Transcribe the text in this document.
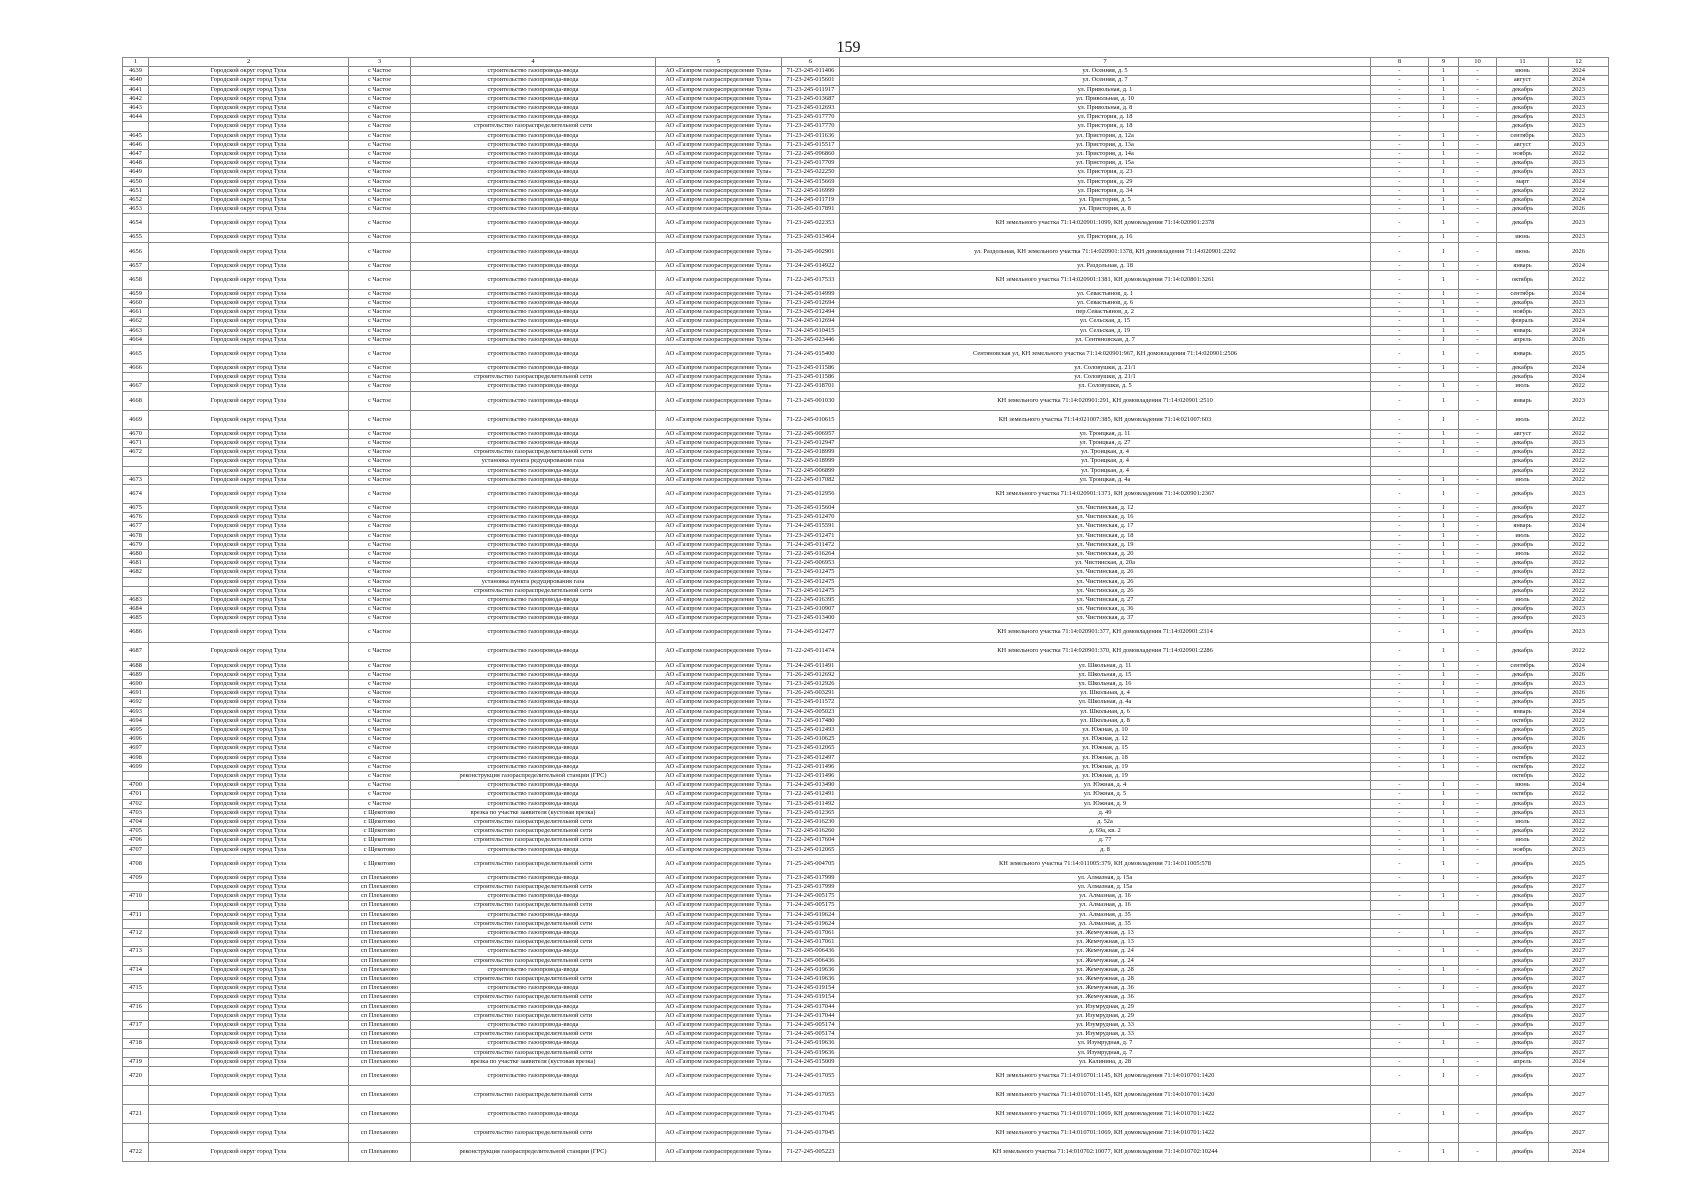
159
1	2	3	4	5	6	7	8	9	10	11	12
4639	Городской округ город Тула	с Частое	строительство газопровода-ввода	АО «Газпром газораспределение Тула»	71-23-245-011406	ул. Осенняя, д. 5	-	1	-	июнь	2024
4640	Городской округ город Тула	с Частое	строительство газопровода-ввода	АО «Газпром газораспределение Тула»	71-23-245-015601	ул. Осенняя, д. 7	-	1	-	август	2024
4641	Городской округ город Тула	с Частое	строительство газопровода-ввода	АО «Газпром газораспределение Тула»	71-23-245-011917	ул. Привольная, д. 1	-	1	-	декабрь	2023
4642	Городской округ город Тула	с Частое	строительство газопровода-ввода	АО «Газпром газораспределение Тула»	71-23-245-013687	ул. Привольная, д. 10	-	1	-	декабрь	2023
4643	Городской округ город Тула	с Частое	строительство газопровода-ввода	АО «Газпром газораспределение Тула»	71-23-245-012693	ул. Привольная, д. 8	-	1	-	декабрь	2023
4644	Городской округ город Тула	с Частое	строительство газопровода-ввода	АО «Газпром газораспределение Тула»	71-23-245-017770	ул. Пристория, д. 18	-	1	-	декабрь	2023
	Городской округ город Тула	с Частое	строительство газораспределительной сети	АО «Газпром газораспределение Тула»	71-23-245-017770	ул. Пристория, д. 18				декабрь	2023
4645	Городской округ город Тула	с Частое	строительство газопровода-ввода	АО «Газпром газораспределение Тула»	71-23-245-011636	ул. Пристория, д. 12а	-	1	-	сентябрь	2023
4646	Городской округ город Тула	с Частое	строительство газопровода-ввода	АО «Газпром газораспределение Тула»	71-23-245-015517	ул. Пристория, д. 13а	-	1	-	август	2023
4647	Городской округ город Тула	с Частое	строительство газопровода-ввода	АО «Газпром газораспределение Тула»	71-22-245-096860	ул. Пристория, д. 14а	-	1	-	ноябрь	2022
4648	Городской округ город Тула	с Частое	строительство газопровода-ввода	АО «Газпром газораспределение Тула»	71-23-245-017709	ул. Пристория, д. 15а	-	1	-	декабрь	2023
4649	Городской округ город Тула	с Частое	строительство газопровода-ввода	АО «Газпром газораспределение Тула»	71-23-245-022250	ул. Пристория, д. 23	-	1	-	декабрь	2023
4650	Городской округ город Тула	с Частое	строительство газопровода-ввода	АО «Газпром газораспределение Тула»	71-24-245-015669	ул. Пристория, д. 29	-	1	-	март	2024
4651	Городской округ город Тула	с Частое	строительство газопровода-ввода	АО «Газпром газораспределение Тула»	71-22-245-016999	ул. Пристория, д. 34	-	1	-	декабрь	2022
4652	Городской округ город Тула	с Частое	строительство газопровода-ввода	АО «Газпром газораспределение Тула»	71-24-245-011719	ул. Пристория, д. 5	-	1	-	декабрь	2024
4653	Городской округ город Тула	с Частое	строительство газопровода-ввода	АО «Газпром газораспределение Тула»	71-26-245-017891	ул. Пристория, д. 8	-	1	-	декабрь	2026
4654	Городской округ город Тула	с Частое	строительство газопровода-ввода	АО «Газпром газораспределение Тула»	71-23-245-022353	КН земельного участка 71:14:020901:1099, КН домовладения 71:14:020901:2378	-	1	-	декабрь	2023
4655	Городской округ город Тула	с Частое	строительство газопровода-ввода	АО «Газпром газораспределение Тула»	71-23-245-013464	ул. Пристория, д. 16	-	1	-	июнь	2023
4656	Городской округ город Тула	с Частое	строительство газопровода-ввода	АО «Газпром газораспределение Тула»	71-26-245-002901	ул. Раздольная, КН земельного участка 71:14:020901:1378, КН домовладения 71:14:020901:2292	-	1	-	июнь	2026
4657	Городской округ город Тула	с Частое	строительство газопровода-ввода	АО «Газпром газораспределение Тула»	71-24-245-014922	ул. Раздольная, д. 18	-	1	-	январь	2024
4658	Городской округ город Тула	с Частое	строительство газопровода-ввода	АО «Газпром газораспределение Тула»	71-22-245-017533	КН земельного участка 71:14:020901:1381, КН домовладения 71:14:020801:3261	-	1	-	октябрь	2022
4659	Городской округ город Тула	с Частое	строительство газопровода-ввода	АО «Газпром газораспределение Тула»	71-24-245-014999	ул. Севастьянов, д. 1	-	1	-	сентябрь	2024
4660	Городской округ город Тула	с Частое	строительство газопровода-ввода	АО «Газпром газораспределение Тула»	71-23-245-012694	ул. Севастьянов, д. 6	-	1	-	декабрь	2023
4661	Городской округ город Тула	с Частое	строительство газопровода-ввода	АО «Газпром газораспределение Тула»	71-23-245-012494	пер.Севастьянов, д. 2	-	1	-	ноябрь	2023
4662	Городской округ город Тула	с Частое	строительство газопровода-ввода	АО «Газпром газораспределение Тула»	71-24-245-012694	ул. Сельская, д. 15	-	1	-	февраль	2024
4663	Городской округ город Тула	с Частое	строительство газопровода-ввода	АО «Газпром газораспределение Тула»	71-24-245-010415	ул. Сельская, д. 19	-	1	-	январь	2024
4664	Городской округ город Тула	с Частое	строительство газопровода-ввода	АО «Газпром газораспределение Тула»	71-26-245-023446	ул. Сентяновская, д. 7	-	1	-	апрель	2026
4665	Городской округ город Тула	с Частое	строительство газопровода-ввода	АО «Газпром газораспределение Тула»	71-24-245-015400	Сентяновская ул, КН земельного участка 71:14:020901:967, КН домовладения 71:14:020901:2506	-	1	-	январь	2025
4666	Городской округ город Тула	с Частое	строительство газопровода-ввода	АО «Газпром газораспределение Тула»	71-23-245-011586	ул. Соловушки, д. 21/1	-	1	-	декабрь	2024
	Городской округ город Тула	с Частое	строительство газораспределительной сети	АО «Газпром газораспределение Тула»	71-23-245-011586	ул. Соловушки, д. 21/1				декабрь	2024
4667	Городской округ город Тула	с Частое	строительство газопровода-ввода	АО «Газпром газораспределение Тула»	71-22-245-018701	ул. Соловушки, д. 5	-	1	-	июль	2022
4668	Городской округ город Тула	с Частое	строительство газопровода-ввода	АО «Газпром газораспределение Тула»	71-23-245-001030	КН земельного участка 71:14:020901:291, КН домовладения 71:14:020901:2510	-	1	-	январь	2023
4669	Городской округ город Тула	с Частое	строительство газопровода-ввода	АО «Газпром газораспределение Тула»	71-22-245-010615	КН земельного участка 71:14:021007:385, КН домовладения 71:14:021007:603	-	1	-	июль	2022
4670	Городской округ город Тула	с Частое	строительство газопровода-ввода	АО «Газпром газораспределение Тула»	71-22-245-006957	ул. Троицкая, д. 11	-	1	-	август	2022
4671	Городской округ город Тула	с Частое	строительство газопровода-ввода	АО «Газпром газораспределение Тула»	71-23-245-012947	ул. Троицкая, д. 27	-	1	-	декабрь	2023
4672	Городской округ город Тула	с Частое	строительство газораспределительной сети	АО «Газпром газораспределение Тула»	71-22-245-018999	ул. Троицкая, д. 4	-	1	-	декабрь	2022
	Городской округ город Тула	с Частое	установка пункта редуцирования газа	АО «Газпром газораспределение Тула»	71-22-245-018999	ул. Троицкая, д. 4				декабрь	2022
	Городской округ город Тула	с Частое	строительство газопровода-ввода	АО «Газпром газораспределение Тула»	71-22-245-006899	ул. Троицкая, д. 4				декабрь	2022
4673	Городской округ город Тула	с Частое	строительство газопровода-ввода	АО «Газпром газораспределение Тула»	71-22-245-017082	ул. Троицкая, д. 4а	-	1	-	июль	2022
4674	Городской округ город Тула	с Частое	строительство газопровода-ввода	АО «Газпром газораспределение Тула»	71-23-245-012956	КН земельного участка 71:14:020901:1371, КН домовладения 71:14:020901:2367	-	1	-	декабрь	2023
4675	Городской округ город Тула	с Частое	строительство газопровода-ввода	АО «Газпром газораспределение Тула»	71-26-245-015604	ул. Чистинская, д. 12	-	1	-	декабрь	2027
4676	Городской округ город Тула	с Частое	строительство газопровода-ввода	АО «Газпром газораспределение Тула»	71-23-245-012470	ул. Чистинская, д. 16	-	1	-	декабрь	2022
4677	Городской округ город Тула	с Частое	строительство газопровода-ввода	АО «Газпром газораспределение Тула»	71-24-245-015591	ул. Чистинская, д. 17	-	1	-	январь	2024
4678	Городской округ город Тула	с Частое	строительство газопровода-ввода	АО «Газпром газораспределение Тула»	71-23-245-012471	ул. Чистинская, д. 18	-	1	-	июль	2022
4679	Городской округ город Тула	с Частое	строительство газопровода-ввода	АО «Газпром газораспределение Тула»	71-24-245-011472	ул. Чистинская, д. 19	-	1	-	декабрь	2022
4680	Городской округ город Тула	с Частое	строительство газопровода-ввода	АО «Газпром газораспределение Тула»	71-22-245-016264	ул. Чистинская, д. 20	-	1	-	июль	2022
4681	Городской округ город Тула	с Частое	строительство газопровода-ввода	АО «Газпром газораспределение Тула»	71-22-245-006953	ул. Чистинская, д. 20а	-	1	-	декабрь	2022
4682	Городской округ город Тула	с Частое	строительство газопровода-ввода	АО «Газпром газораспределение Тула»	71-23-245-012475	ул. Чистинская, д. 26	-	1	-	декабрь	2022
	Городской округ город Тула	с Частое	установка пункта редуцирования газа	АО «Газпром газораспределение Тула»	71-23-245-012475	ул. Чистинская, д. 26				декабрь	2022
	Городской округ город Тула	с Частое	строительство газораспределительной сети	АО «Газпром газораспределение Тула»	71-23-245-012475	ул. Чистинская, д. 26				декабрь	2022
4683	Городской округ город Тула	с Частое	строительство газопровода-ввода	АО «Газпром газораспределение Тула»	71-22-245-016395	ул. Чистинская, д. 27	-	1	-	июль	2022
4684	Городской округ город Тула	с Частое	строительство газопровода-ввода	АО «Газпром газораспределение Тула»	71-23-245-010907	ул. Чистинская, д. 36	-	1	-	декабрь	2023
4685	Городской округ город Тула	с Частое	строительство газопровода-ввода	АО «Газпром газораспределение Тула»	71-23-245-013400	ул. Чистинская, д. 37	-	1	-	декабрь	2023
4686	Городской округ город Тула	с Частое	строительство газопровода-ввода	АО «Газпром газораспределение Тула»	71-24-245-012477	КН земельного участка 71:14:020901:377, КН домовладения 71:14:020901:2314	-	1	-	декабрь	2023
4687	Городской округ город Тула	с Частое	строительство газопровода-ввода	АО «Газпром газораспределение Тула»	71-22-245-011474	КН земельного участка 71:14:020901:370, КН домовладения 71:14:020901:2286	-	1	-	декабрь	2022
4688	Городской округ город Тула	с Частое	строительство газопровода-ввода	АО «Газпром газораспределение Тула»	71-24-245-011491	ул. Школьная, д. 11	-	1	-	сентябрь	2024
4689	Городской округ город Тула	с Частое	строительство газопровода-ввода	АО «Газпром газораспределение Тула»	71-26-245-012692	ул. Школьная, д. 15	-	1	-	декабрь	2026
4690	Городской округ город Тула	с Частое	строительство газопровода-ввода	АО «Газпром газораспределение Тула»	71-23-245-012926	ул. Школьная, д. 16	-	1	-	декабрь	2023
4691	Городской округ город Тула	с Частое	строительство газопровода-ввода	АО «Газпром газораспределение Тула»	71-26-245-003291	ул. Школьная, д. 4	-	1	-	декабрь	2026
4692	Городской округ город Тула	с Частое	строительство газопровода-ввода	АО «Газпром газораспределение Тула»	71-25-245-011572	ул. Школьная, д. 4а	-	1	-	декабрь	2025
4693	Городской округ город Тула	с Частое	строительство газопровода-ввода	АО «Газпром газораспределение Тула»	71-24-245-005023	ул. Школьная, д. 6	-	1	-	январь	2024
4694	Городской округ город Тула	с Частое	строительство газопровода-ввода	АО «Газпром газораспределение Тула»	71-22-245-017480	ул. Школьная, д. 8	-	1	-	октябрь	2022
4695	Городской округ город Тула	с Частое	строительство газопровода-ввода	АО «Газпром газораспределение Тула»	71-25-245-012493	ул. Южная, д. 10	-	1	-	декабрь	2025
4696	Городской округ город Тула	с Частое	строительство газопровода-ввода	АО «Газпром газораспределение Тула»	71-26-245-010625	ул. Южная, д. 12	-	1	-	декабрь	2026
4697	Городской округ город Тула	с Частое	строительство газопровода-ввода	АО «Газпром газораспределение Тула»	71-23-245-012065	ул. Южная, д. 15	-	1	-	декабрь	2023
4698	Городской округ город Тула	с Частое	строительство газопровода-ввода	АО «Газпром газораспределение Тула»	71-23-245-012497	ул. Южная, д. 18	-	1	-	октябрь	2022
4699	Городской округ город Тула	с Частое	строительство газопровода-ввода	АО «Газпром газораспределение Тула»	71-22-245-011496	ул. Южная, д. 19	-	1	-	октябрь	2022
	Городской округ город Тула	с Частое	реконструкция газораспределительной станции (ГРС)	АО «Газпром газораспределение Тула»	71-22-245-011496	ул. Южная, д. 19				октябрь	2022
4700	Городской округ город Тула	с Частое	строительство газопровода-ввода	АО «Газпром газораспределение Тула»	71-24-245-013490	ул. Южная, д. 4	-	1	-	июнь	2024
4701	Городской округ город Тула	с Частое	строительство газопровода-ввода	АО «Газпром газораспределение Тула»	71-22-245-012491	ул. Южная, д. 5	-	1	-	октябрь	2022
4702	Городской округ город Тула	с Частое	строительство газопровода-ввода	АО «Газпром газораспределение Тула»	71-23-245-011492	ул. Южная, д. 9	-	1	-	декабрь	2023
4703	Городской округ город Тула	с Щекотово	врезка по участке заявителя (кустовая врезка)	АО «Газпром газораспределение Тула»	71-23-245-012365	д. 49	-	1	-	декабрь	2023
4704	Городской округ город Тула	с Щекотово	строительство газораспределительной сети	АО «Газпром газораспределение Тула»	71-22-245-016230	д. 52а	-	1	-	июль	2022
4705	Городской округ город Тула	с Щекотово	строительство газораспределительной сети	АО «Газпром газораспределение Тула»	71-22-245-016260	д. 69а, кв. 2	-	1	-	декабрь	2022
4706	Городской округ город Тула	с Щекотово	строительство газораспределительной сети	АО «Газпром газораспределение Тула»	71-22-245-017604	д. 77	-	1	-	июль	2022
4707	Городской округ город Тула	с Щекотово	строительство газопровода-ввода	АО «Газпром газораспределение Тула»	71-23-245-012065	д. 8	-	1	-	ноябрь	2023
4708	Городской округ город Тула	с Щекотово	строительство газораспределительной сети	АО «Газпром газораспределение Тула»	71-25-245-004705	КН земельного участка 71:14:011005:379, КН домовладения 71:14:011005:578	-	1	-	декабрь	2025
4709	Городской округ город Тула	сп Плеханово	строительство газопровода-ввода	АО «Газпром газораспределение Тула»	71-23-245-017999	ул. Алмазная, д. 15а	-	1	-	декабрь	2027
	Городской округ город Тула	сп Плеханово	строительство газораспределительной сети	АО «Газпром газораспределение Тула»	71-23-245-017999	ул. Алмазная, д. 15а				декабрь	2027
4710	Городской округ город Тула	сп Плеханово	строительство газопровода-ввода	АО «Газпром газораспределение Тула»	71-24-245-005175	ул. Алмазная, д. 16	-	1	-	декабрь	2027
	Городской округ город Тула	сп Плеханово	строительство газораспределительной сети	АО «Газпром газораспределение Тула»	71-24-245-005175	ул. Алмазная, д. 16				декабрь	2027
4711	Городской округ город Тула	сп Плеханово	строительство газопровода-ввода	АО «Газпром газораспределение Тула»	71-24-245-019624	ул. Алмазная, д. 35	-	1	-	декабрь	2027
	Городской округ город Тула	сп Плеханово	строительство газораспределительной сети	АО «Газпром газораспределение Тула»	71-24-245-019624	ул. Алмазная, д. 35				декабрь	2027
4712	Городской округ город Тула	сп Плеханово	строительство газопровода-ввода	АО «Газпром газораспределение Тула»	71-24-245-017061	ул. Жемчужная, д. 13	-	1	-	декабрь	2027
	Городской округ город Тула	сп Плеханово	строительство газораспределительной сети	АО «Газпром газораспределение Тула»	71-24-245-017061	ул. Жемчужная, д. 13				декабрь	2027
4713	Городской округ город Тула	сп Плеханово	строительство газопровода-ввода	АО «Газпром газораспределение Тула»	71-23-245-006436	ул. Жемчужная, д. 24	-	1	-	декабрь	2027
	Городской округ город Тула	сп Плеханово	строительство газораспределительной сети	АО «Газпром газораспределение Тула»	71-23-245-006436	ул. Жемчужная, д. 24				декабрь	2027
4714	Городской округ город Тула	сп Плеханово	строительство газопровода-ввода	АО «Газпром газораспределение Тула»	71-24-245-019636	ул. Жемчужная, д. 28	-	1	-	декабрь	2027
	Городской округ город Тула	сп Плеханово	строительство газораспределительной сети	АО «Газпром газораспределение Тула»	71-24-245-019636	ул. Жемчужная, д. 28				декабрь	2027
4715	Городской округ город Тула	сп Плеханово	строительство газопровода-ввода	АО «Газпром газораспределение Тула»	71-24-245-019154	ул. Жемчужная, д. 36	-	1	-	декабрь	2027
	Городской округ город Тула	сп Плеханово	строительство газораспределительной сети	АО «Газпром газораспределение Тула»	71-24-245-019154	ул. Жемчужная, д. 36				декабрь	2027
4716	Городской округ город Тула	сп Плеханово	строительство газопровода-ввода	АО «Газпром газораспределение Тула»	71-24-245-017044	ул. Изумрудная, д. 29	-	1	-	декабрь	2027
	Городской округ город Тула	сп Плеханово	строительство газораспределительной сети	АО «Газпром газораспределение Тула»	71-24-245-017044	ул. Изумрудная, д. 29				декабрь	2027
4717	Городской округ город Тула	сп Плеханово	строительство газопровода-ввода	АО «Газпром газораспределение Тула»	71-24-245-005174	ул. Изумрудная, д. 33	-	1	-	декабрь	2027
	Городской округ город Тула	сп Плеханово	строительство газораспределительной сети	АО «Газпром газораспределение Тула»	71-24-245-005174	ул. Изумрудная, д. 33				декабрь	2027
4718	Городской округ город Тула	сп Плеханово	строительство газопровода-ввода	АО «Газпром газораспределение Тула»	71-24-245-019636	ул. Изумрудная, д. 7	-	1	-	декабрь	2027
	Городской округ город Тула	сп Плеханово	строительство газораспределительной сети	АО «Газпром газораспределение Тула»	71-24-245-019636	ул. Изумрудная, д. 7				декабрь	2027
4719	Городской округ город Тула	сп Плеханово	врезка по участке заявителя (кустовая врезка)	АО «Газпром газораспределение Тула»	71-24-245-015009	ул. Калинина, д. 28	-	1	-	апрель	2024
4720	Городской округ город Тула	сп Плеханово	строительство газопровода-ввода	АО «Газпром газораспределение Тула»	71-24-245-017055	КН земельного участка 71:14:010701:1145, КН домовладения 71:14:010701:1420	-	1	-	декабрь	2027
	Городской округ город Тула	сп Плеханово	строительство газораспределительной сети	АО «Газпром газораспределение Тула»	71-24-245-017055	КН земельного участка 71:14:010701:1145, КН домовладения 71:14:010701:1420				декабрь	2027
4721	Городской округ город Тула	сп Плеханово	строительство газопровода-ввода	АО «Газпром газораспределение Тула»	71-23-245-017045	КН земельного участка 71:14:010701:1069, КН домовладения 71:14:010701:1422	-	1	-	декабрь	2027
	Городской округ город Тула	сп Плеханово	строительство газораспределительной сети	АО «Газпром газораспределение Тула»	71-24-245-017045	КН земельного участка 71:14:010701:1069, КН домовладения 71:14:010701:1422				декабрь	2027
4722	Городской округ город Тула	сп Плеханово	реконструкция газораспределительной станции (ГРС)	АО «Газпром газораспределение Тула»	71-27-245-005223	КН земельного участка 71:14:010702:10077, КН домовладения 71:14:010702:10244	-	1	-	декабрь	2024
